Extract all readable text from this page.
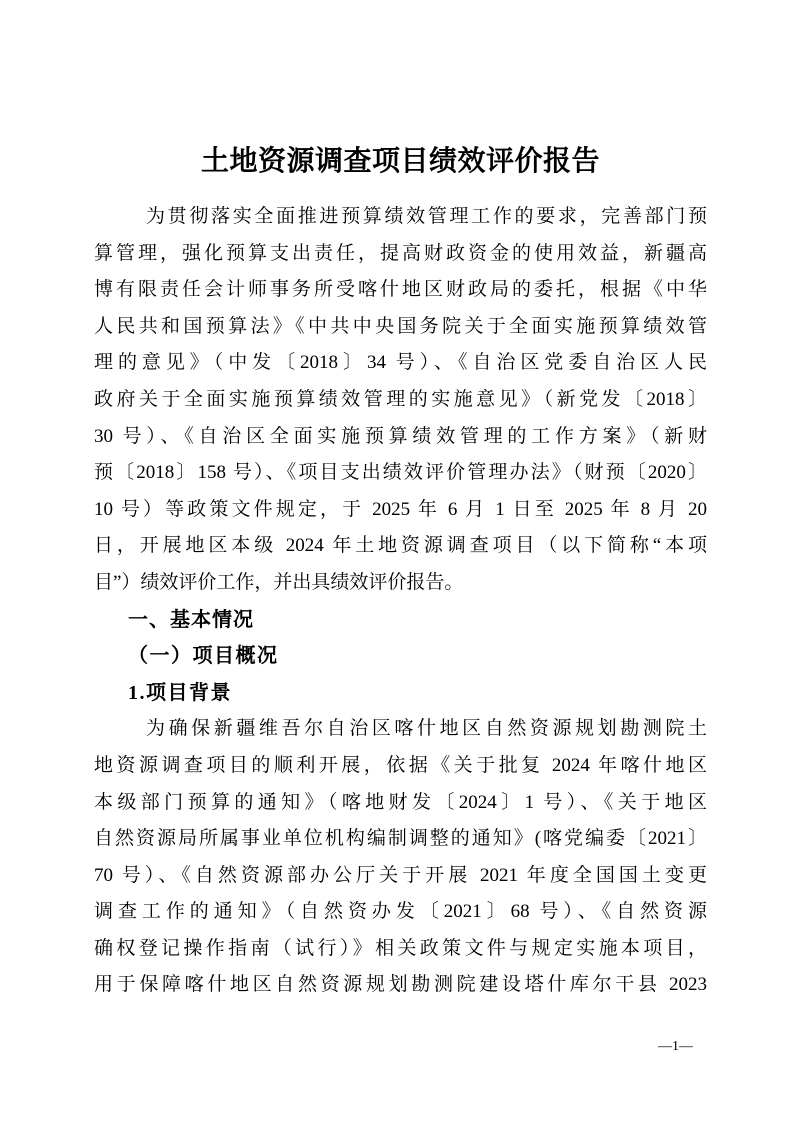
土地资源调查项目绩效评价报告
为贯彻落实全面推进预算绩效管理工作的要求，完善部门预
算管理，强化预算支出责任，提高财政资金的使用效益，新疆高
博有限责任会计师事务所受喀什地区财政局的委托，根据《中华
人民共和国预算法》《中共中央国务院关于全面实施预算绩效管
理的意见》（中发〔2018〕34 号）、《自治区党委自治区人民
政府关于全面实施预算绩效管理的实施意见》（新党发〔2018〕
30 号）、《自治区全面实施预算绩效管理的工作方案》（新财
预〔2018〕158 号）、《项目支出绩效评价管理办法》（财预〔2020〕
10 号）等政策文件规定，于 2025 年 6 月 1 日至 2025 年 8 月 20
日，开展地区本级 2024 年土地资源调查项目（以下简称“本项
目”）绩效评价工作，并出具绩效评价报告。
一、基本情况
（一）项目概况
1.项目背景
为确保新疆维吾尔自治区喀什地区自然资源规划勘测院土
地资源调查项目的顺利开展，依据《关于批复 2024 年喀什地区
本级部门预算的通知》（喀地财发〔2024〕1 号）、《关于地区
自然资源局所属事业单位机构编制调整的通知》(喀党编委〔2021〕
70 号）、《自然资源部办公厅关于开展 2021 年度全国国土变更
调查工作的通知》（自然资办发〔2021〕68 号）、《自然资源
确权登记操作指南（试行）》相关政策文件与规定实施本项目，
用于保障喀什地区自然资源规划勘测院建设塔什库尔干县 2023
—1—
